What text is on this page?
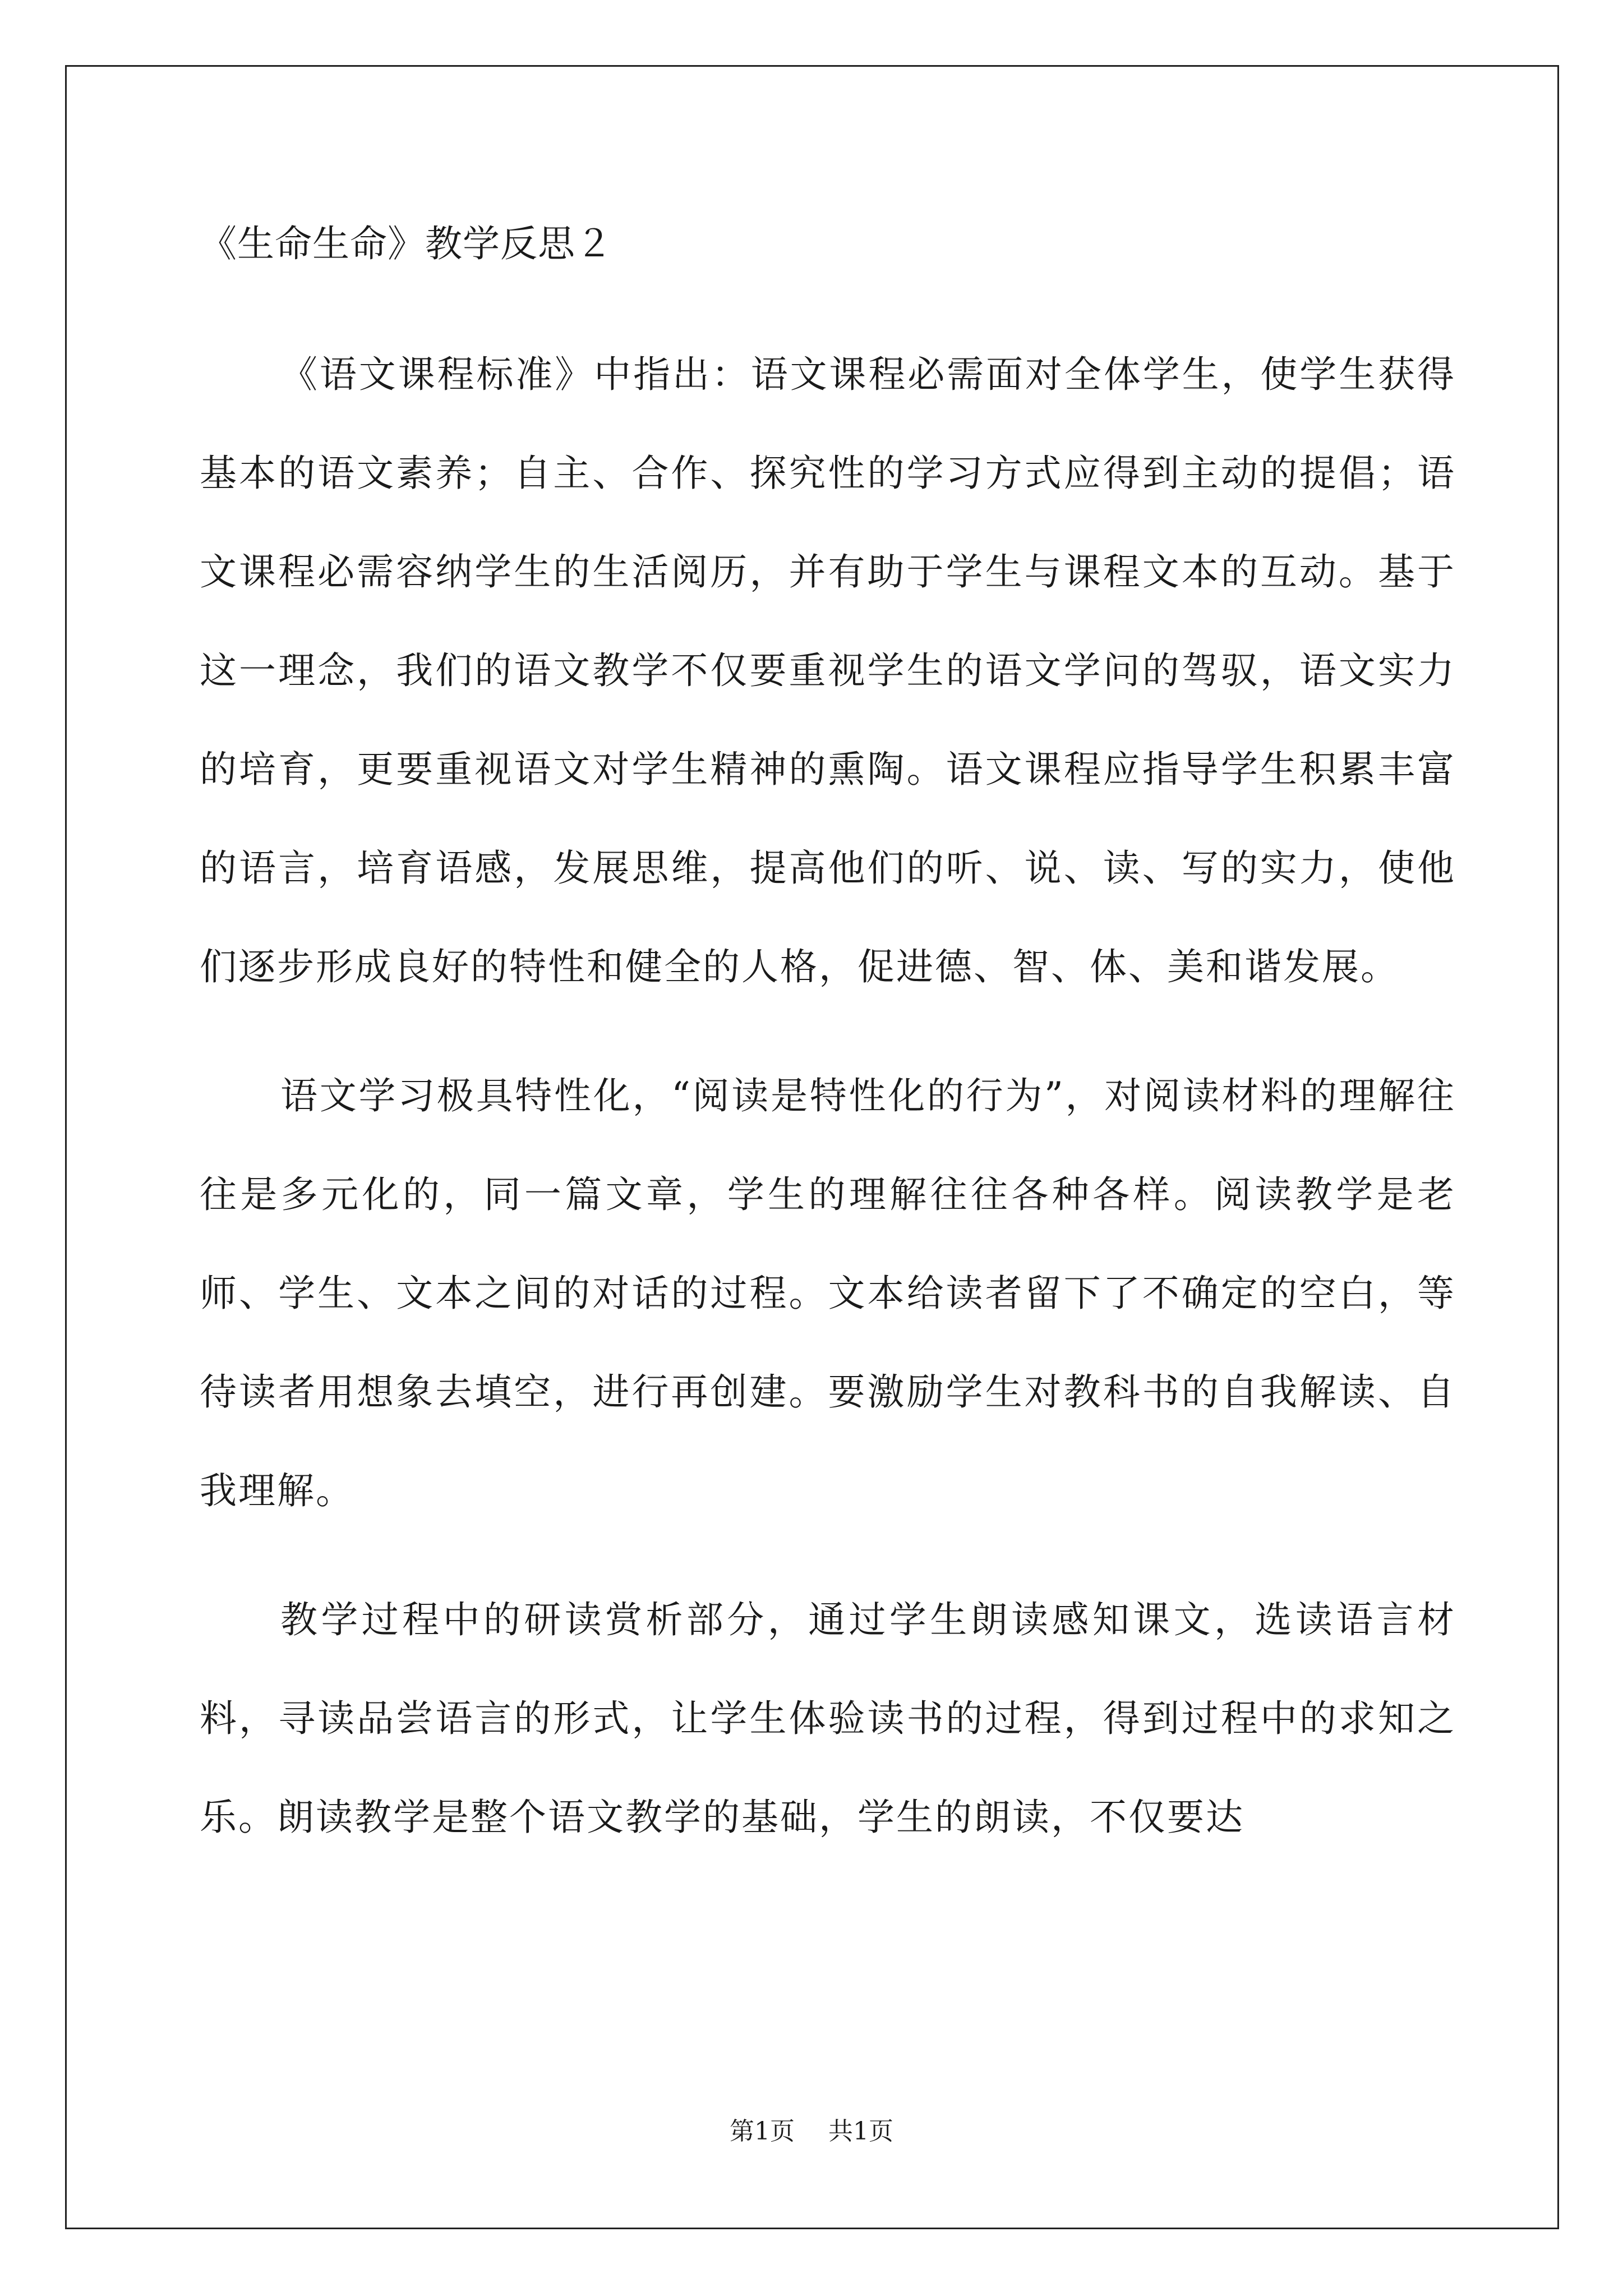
《生命生命》教学反思２

《语文课程标准》中指出：语文课程必需面对全体学生，使学生获得基本的语文素养；自主、合作、探究性的学习方式应得到主动的提倡；语文课程必需容纳学生的生活阅历，并有助于学生与课程文本的互动。基于这一理念，我们的语文教学不仅要重视学生的语文学问的驾驭，语文实力的培育，更要重视语文对学生精神的熏陶。语文课程应指导学生积累丰富的语言，培育语感，发展思维，提高他们的听、说、读、写的实力，使他们逐步形成良好的特性和健全的人格，促进德、智、体、美和谐发展。

语文学习极具特性化，“阅读是特性化的行为”，对阅读材料的理解往往是多元化的，同一篇文章，学生的理解往往各种各样。阅读教学是老师、学生、文本之间的对话的过程。文本给读者留下了不确定的空白，等待读者用想象去填空，进行再创建。要激励学生对教科书的自我解读、自我理解。

教学过程中的研读赏析部分，通过学生朗读感知课文，选读语言材料，寻读品尝语言的形式，让学生体验读书的过程，得到过程中的求知之乐。朗读教学是整个语文教学的基础，学生的朗读，不仅要达

第1页 共1页
